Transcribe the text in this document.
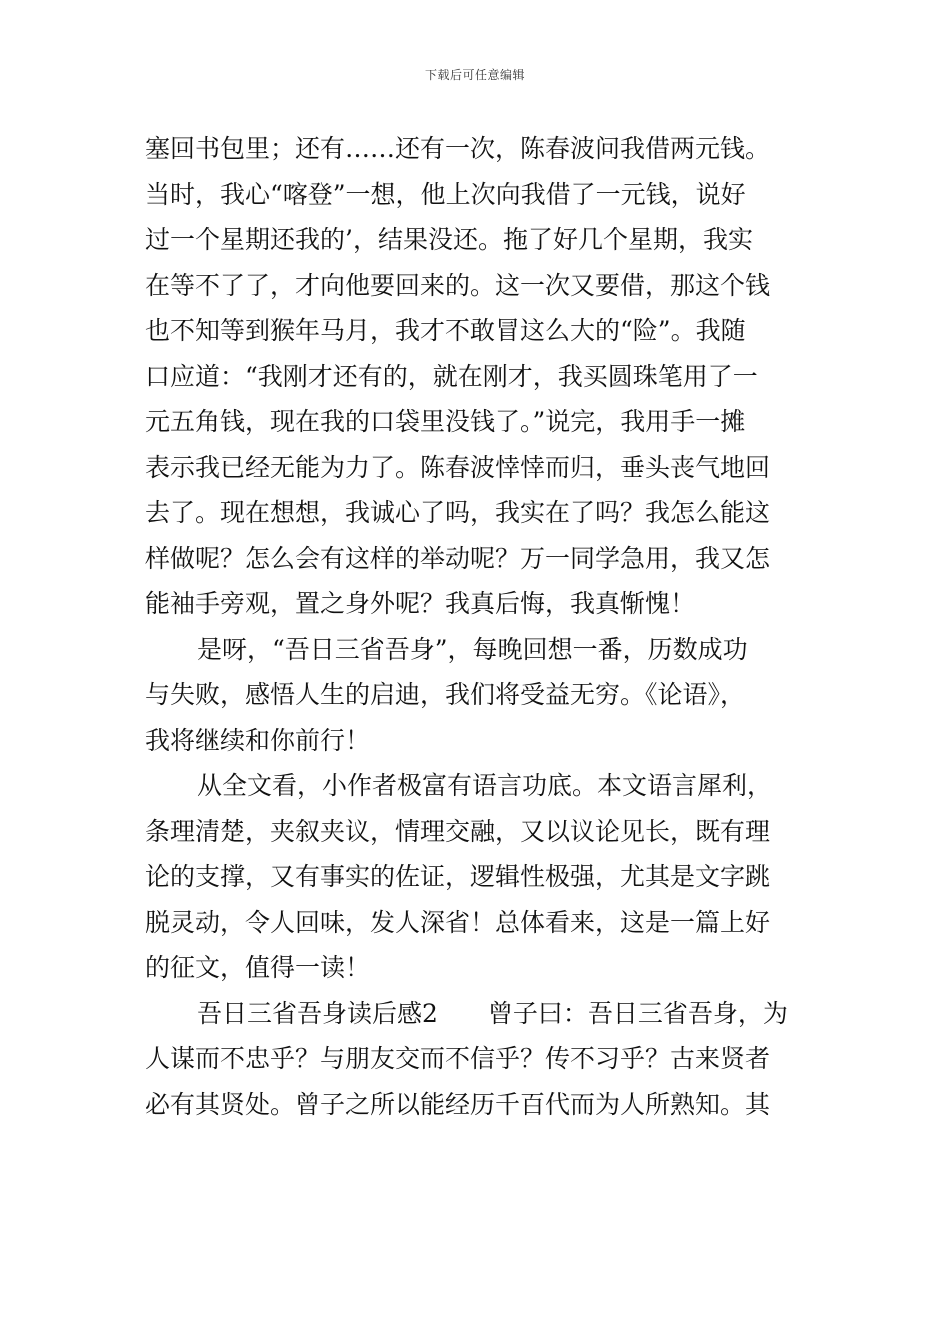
下载后可任意编辑
塞回书包里；还有……还有一次，陈春波问我借两元钱。
当时，我心“喀登”一想，他上次向我借了一元钱，说好
过一个星期还我的’，结果没还。拖了好几个星期，我实
在等不了了，才向他要回来的。这一次又要借，那这个钱
也不知等到猴年马月，我才不敢冒这么大的“险”。我随
口应道：“我刚才还有的，就在刚才，我买圆珠笔用了一
元五角钱，现在我的口袋里没钱了。”说完，我用手一摊
表示我已经无能为力了。陈春波悻悻而归，垂头丧气地回
去了。现在想想，我诚心了吗，我实在了吗？我怎么能这
样做呢？怎么会有这样的举动呢？万一同学急用，我又怎
能袖手旁观，置之身外呢？我真后悔，我真惭愧！
是呀，“吾日三省吾身”，每晚回想一番，历数成功
与失败，感悟人生的启迪，我们将受益无穷。《论语》，
我将继续和你前行！
从全文看，小作者极富有语言功底。本文语言犀利，
条理清楚，夹叙夹议，情理交融，又以议论见长，既有理
论的支撑，又有事实的佐证，逻辑性极强，尤其是文字跳
脱灵动，令人回味，发人深省！总体看来，这是一篇上好
的征文，值得一读！
吾日三省吾身读后感2　　曾子曰：吾日三省吾身，为
人谋而不忠乎？与朋友交而不信乎？传不习乎？古来贤者
必有其贤处。曾子之所以能经历千百代而为人所熟知。其
